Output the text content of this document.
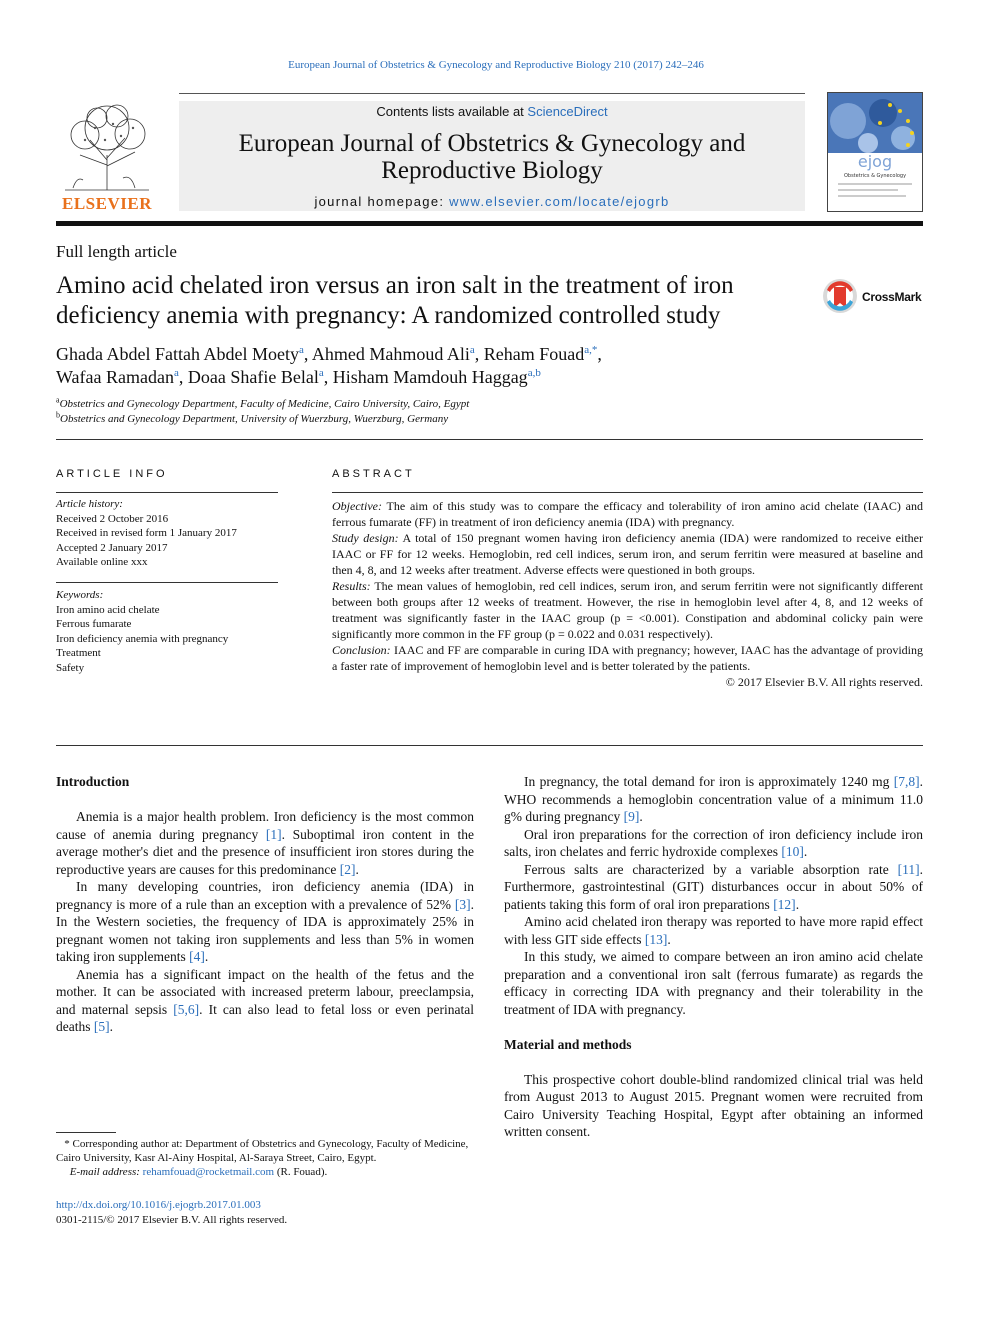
European Journal of Obstetrics & Gynecology and Reproductive Biology 210 (2017) 242–246
ELSEVIER
Contents lists available at ScienceDirect
European Journal of Obstetrics & Gynecology and
Reproductive Biology
journal homepage: www.elsevier.com/locate/ejogrb
ejog
Obstetrics & Gynecology
Full length article
Amino acid chelated iron versus an iron salt in the treatment of iron deficiency anemia with pregnancy: A randomized controlled study
CrossMark
Ghada Abdel Fattah Abdel Moety$^a$, Ahmed Mahmoud Ali$^a$, Reham Fouad$^{a,*}$,
Wafaa Ramadan$^a$, Doaa Shafie Belal$^a$, Hisham Mamdouh Haggag$^{a,b}$
$^a$Obstetrics and Gynecology Department, Faculty of Medicine, Cairo University, Cairo, Egypt
$^b$Obstetrics and Gynecology Department, University of Wuerzburg, Wuerzburg, Germany
ARTICLE INFO	ABSTRACT
Article history:
Received 2 October 2016
Received in revised form 1 January 2017
Accepted 2 January 2017
Available online xxx
Keywords:
Iron amino acid chelate
Ferrous fumarate
Iron deficiency anemia with pregnancy
Treatment
Safety
Objective: The aim of this study was to compare the efficacy and tolerability of iron amino acid chelate (IAAC) and ferrous fumarate (FF) in treatment of iron deficiency anemia (IDA) with pregnancy.
Study design: A total of 150 pregnant women having iron deficiency anemia (IDA) were randomized to receive either IAAC or FF for 12 weeks. Hemoglobin, red cell indices, serum iron, and serum ferritin were measured at baseline and then 4, 8, and 12 weeks after treatment. Adverse effects were questioned in both groups.
Results: The mean values of hemoglobin, red cell indices, serum iron, and serum ferritin were not significantly different between both groups after 12 weeks of treatment. However, the rise in hemoglobin level after 4, 8, and 12 weeks of treatment was significantly faster in the IAAC group (p = <0.001). Constipation and abdominal colicky pain were significantly more common in the FF group (p = 0.022 and 0.031 respectively).
Conclusion: IAAC and FF are comparable in curing IDA with pregnancy; however, IAAC has the advantage of providing a faster rate of improvement of hemoglobin level and is better tolerated by the patients.
© 2017 Elsevier B.V. All rights reserved.
Introduction

Anemia is a major health problem. Iron deficiency is the most common cause of anemia during pregnancy [1]. Suboptimal iron content in the average mother's diet and the presence of insufficient iron stores during the reproductive years are causes for this predominance [2].

In many developing countries, iron deficiency anemia (IDA) in pregnancy is more of a rule than an exception with a prevalence of 52% [3]. In the Western societies, the frequency of IDA is approximately 25% in pregnant women not taking iron supplements and less than 5% in women taking iron supplements [4].

Anemia has a significant impact on the health of the fetus and the mother. It can be associated with increased preterm labour, preeclampsia, and maternal sepsis [5,6]. It can also lead to fetal loss or even perinatal deaths [5].

In pregnancy, the total demand for iron is approximately 1240 mg [7,8]. WHO recommends a hemoglobin concentration value of a minimum 11.0 g% during pregnancy [9].

Oral iron preparations for the correction of iron deficiency include iron salts, iron chelates and ferric hydroxide complexes [10].

Ferrous salts are characterized by a variable absorption rate [11]. Furthermore, gastrointestinal (GIT) disturbances occur in about 50% of patients taking this form of oral iron preparations [12].

Amino acid chelated iron therapy was reported to have more rapid effect with less GIT side effects [13].

In this study, we aimed to compare between an iron amino acid chelate preparation and a conventional iron salt (ferrous fumarate) as regards the efficacy in correcting IDA with pregnancy and their tolerability in the treatment of IDA with pregnancy.

Material and methods

This prospective cohort double-blind randomized clinical trial was held from August 2013 to August 2015. Pregnant women were recruited from Cairo University Teaching Hospital, Egypt after obtaining an informed written consent.

* Corresponding author at: Department of Obstetrics and Gynecology, Faculty of Medicine, Cairo University, Kasr Al-Ainy Hospital, Al-Saraya Street, Cairo, Egypt.
E-mail address: rehamfouad@rocketmail.com (R. Fouad).
http://dx.doi.org/10.1016/j.ejogrb.2017.01.003
0301-2115/© 2017 Elsevier B.V. All rights reserved.
